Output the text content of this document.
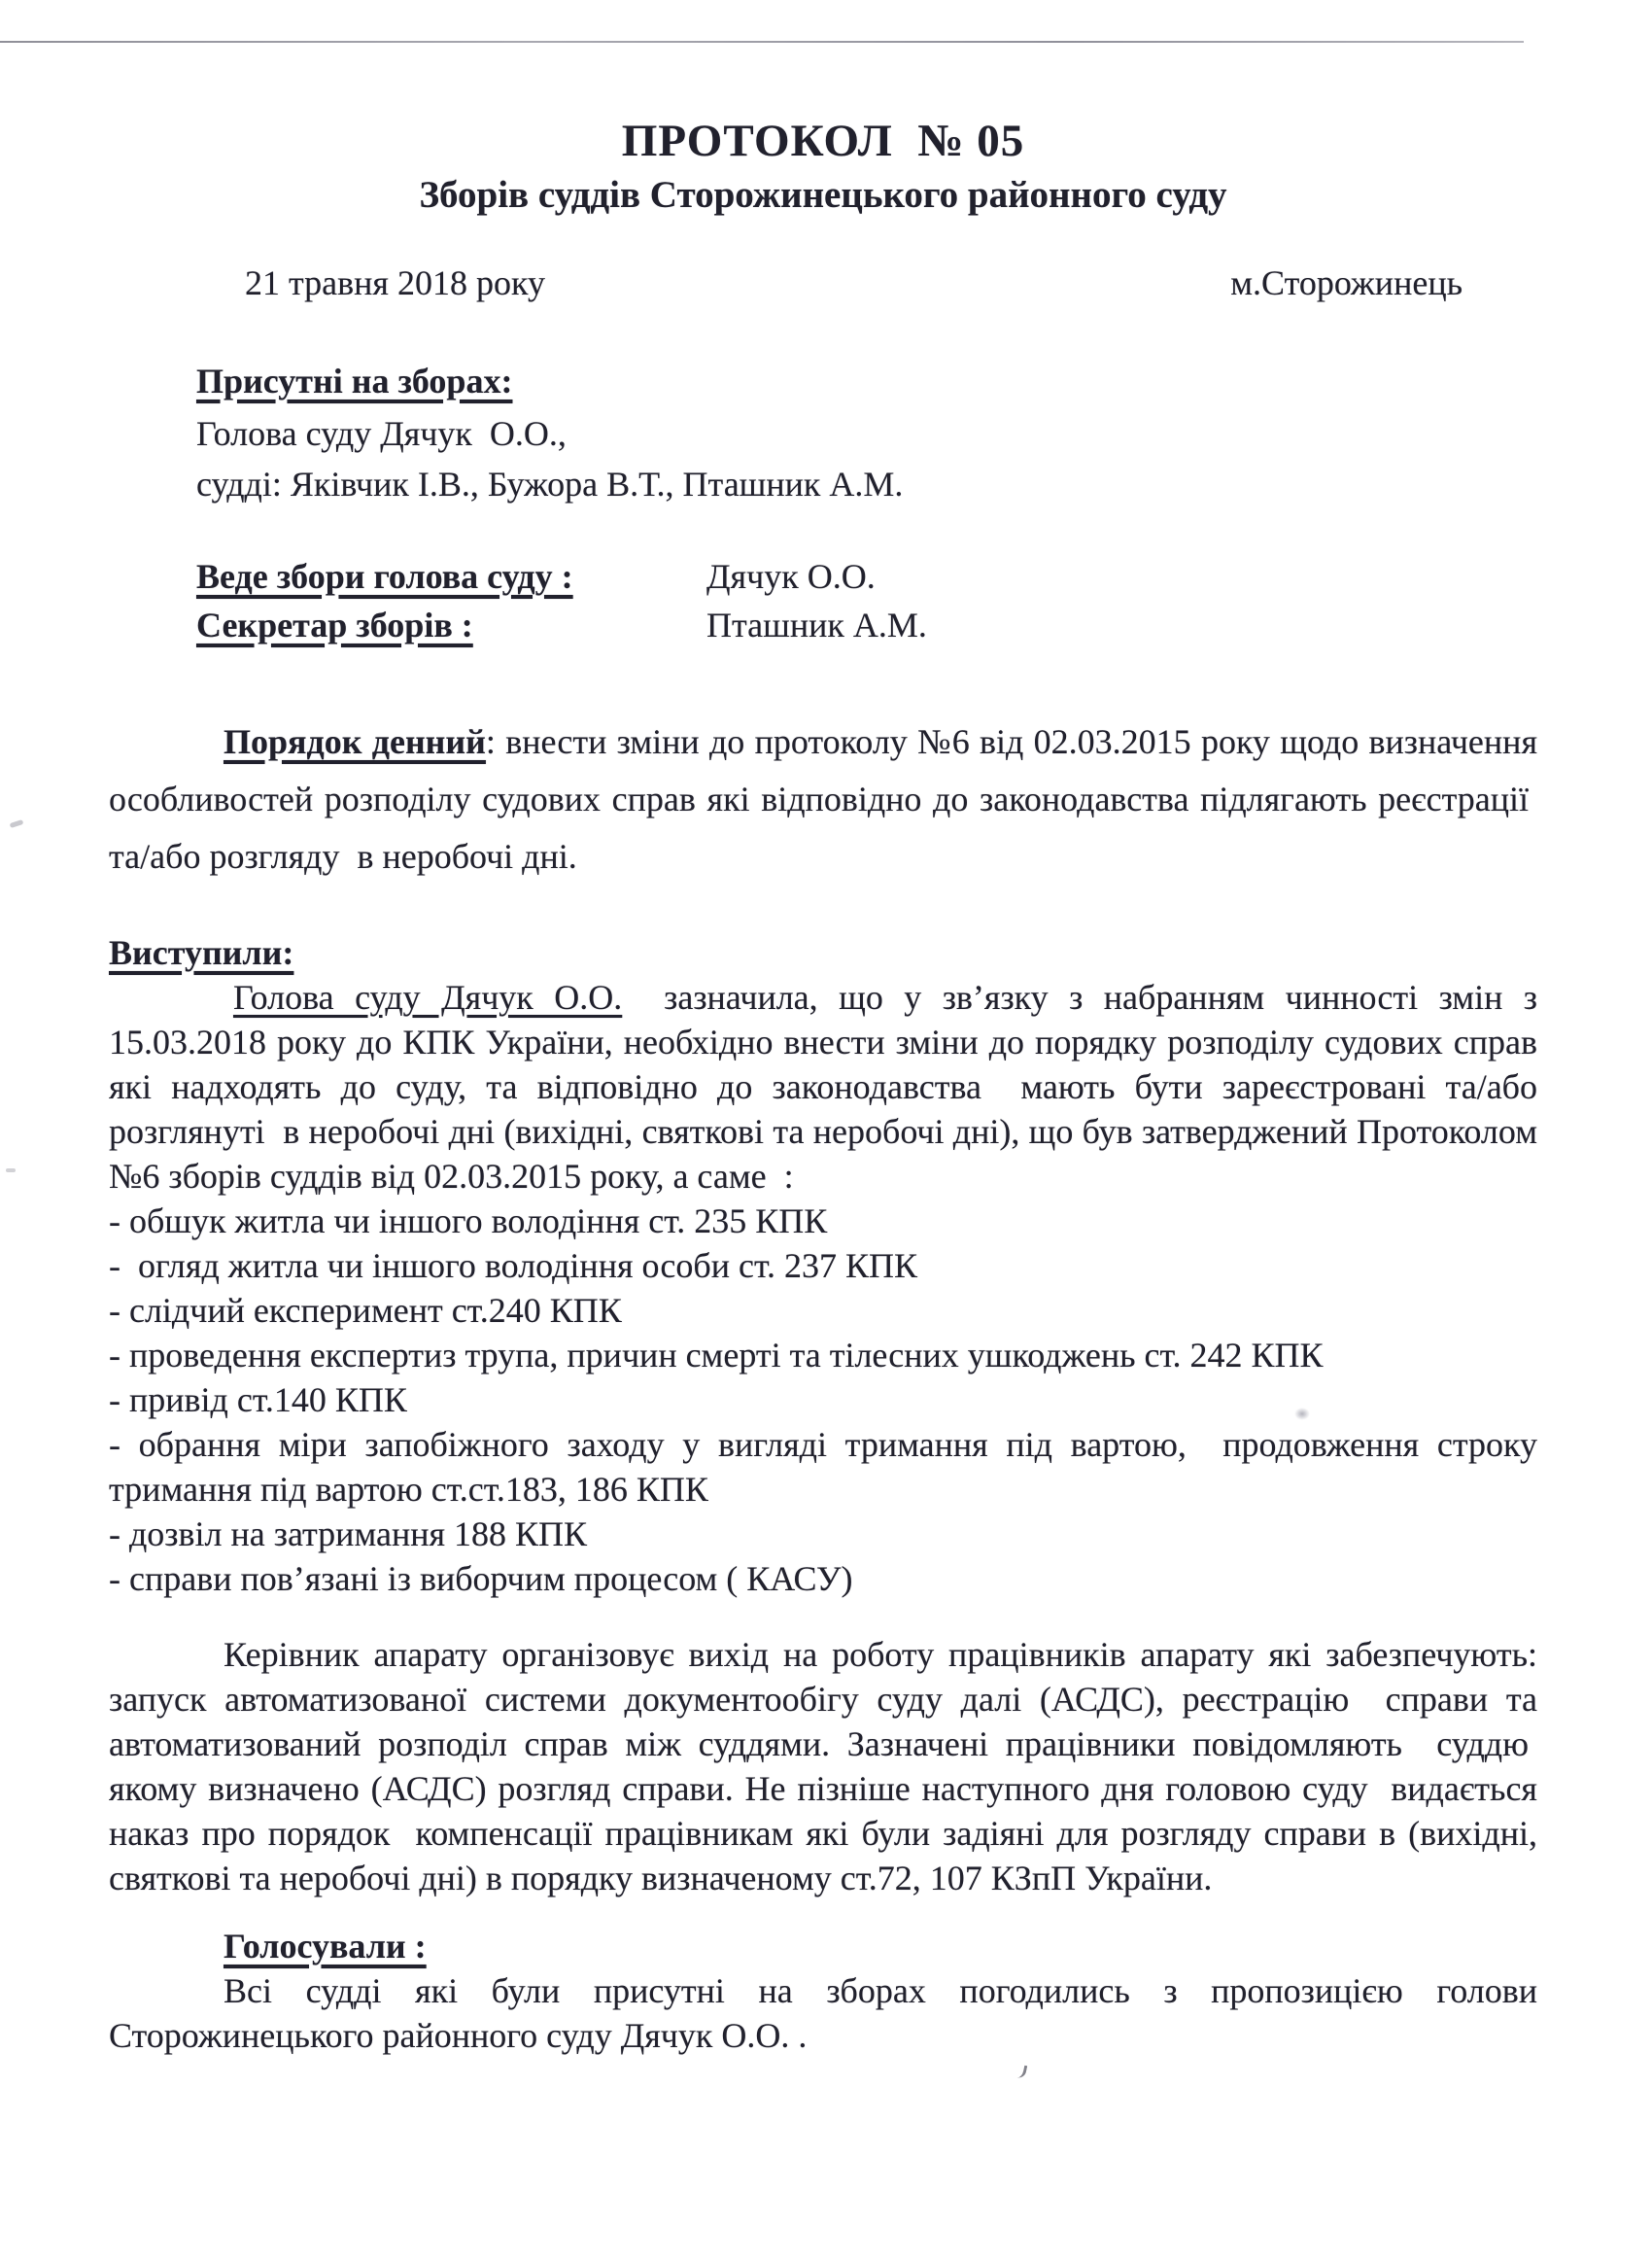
ПРОТОКОЛ  № 05
Зборів суддів Сторожинецького районного суду
21 травня 2018 року	м.Сторожинець
Присутні на зборах:
Голова суду Дячук  О.О.,
судді: Яківчик І.В., Бужора В.Т., Пташник А.М.
Веде збори голова суду :	Дячук О.О.
Секретар зборів :	Пташник А.М.

Порядок денний: внести зміни до протоколу №6 від 02.03.2015 року щодо визначення особливостей розподілу судових справ які відповідно до законодавства підлягають реєстрації  та/або розгляду  в неробочі дні.

Виступили:

Голова суду Дячук О.О.  зазначила, що у зв’язку з набранням чинності змін з 15.03.2018 року до КПК України, необхідно внести зміни до порядку розподілу судових справ які надходять до суду, та відповідно до законодавства  мають бути зареєстровані та/або розглянуті  в неробочі дні (вихідні, святкові та неробочі дні), що був затверджений Протоколом №6 зборів суддів від 02.03.2015 року, а саме  :

- обшук житла чи іншого володіння ст. 235 КПК
-  огляд житла чи іншого володіння особи ст. 237 КПК
- слідчий експеримент ст.240 КПК
- проведення експертиз трупа, причин смерті та тілесних ушкоджень ст. 242 КПК
- привід ст.140 КПК
- обрання міри запобіжного заходу у вигляді тримання під вартою,  продовження строку тримання під вартою ст.ст.183, 186 КПК
- дозвіл на затримання 188 КПК
- справи пов’язані із виборчим процесом ( КАСУ)

Керівник апарату організовує вихід на роботу працівників апарату які забезпечують: запуск автоматизованої системи документообігу суду далі (АСДС), реєстрацію  справи та автоматизований розподіл справ між суддями. Зазначені працівники повідомляють  суддю  якому визначено (АСДС) розгляд справи. Не пізніше наступного дня головою суду  видається наказ про порядок  компенсації працівникам які були задіяні для розгляду справи в (вихідні, святкові та неробочі дні) в порядку визначеному ст.72, 107 КЗпП України.

Голосували :

Всі судді які були присутні на зборах погодились з пропозицією голови Сторожинецького районного суду Дячук О.О. .
